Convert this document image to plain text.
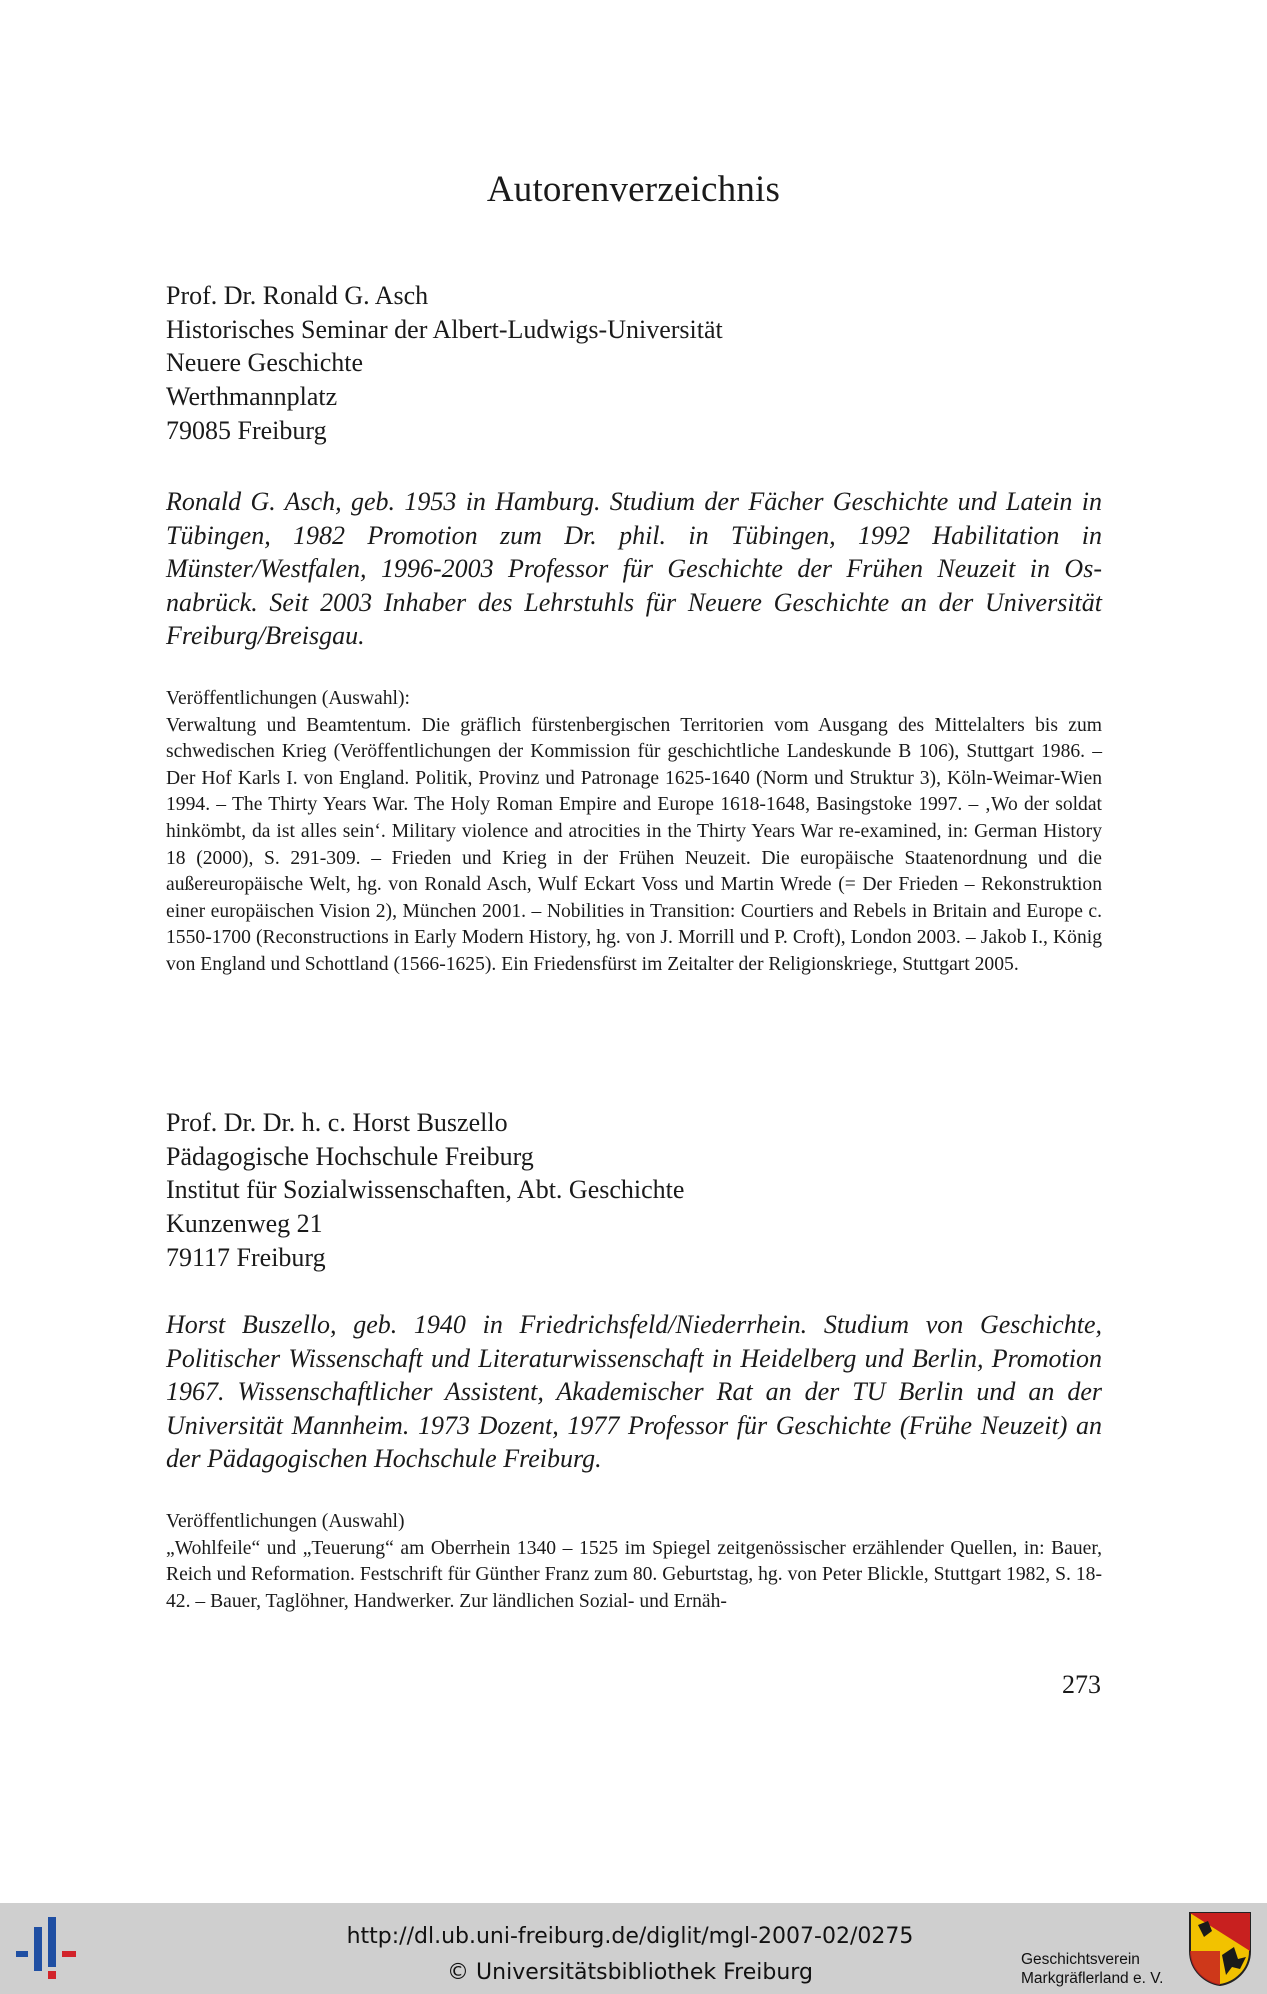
Autorenverzeichnis
Prof. Dr. Ronald G. Asch
Historisches Seminar der Albert-Ludwigs-Universität
Neuere Geschichte
Werthmannplatz
79085 Freiburg
Ronald G. Asch, geb. 1953 in Hamburg. Studium der Fächer Geschichte und Latein in Tübingen, 1982 Promotion zum Dr. phil. in Tübingen, 1992 Habilitation in Münster/Westfalen, 1996-2003 Professor für Geschichte der Frühen Neuzeit in Osnabrück. Seit 2003 Inhaber des Lehrstuhls für Neuere Geschichte an der Universität Freiburg/Breisgau.
Veröffentlichungen (Auswahl):
Verwaltung und Beamtentum. Die gräflich fürstenbergischen Territorien vom Ausgang des Mittelalters bis zum schwedischen Krieg (Veröffentlichungen der Kommission für geschichtliche Landeskunde B 106), Stuttgart 1986. – Der Hof Karls I. von England. Politik, Provinz und Patronage 1625-1640 (Norm und Struktur 3), Köln-Weimar-Wien 1994. – The Thirty Years War. The Holy Roman Empire and Europe 1618-1648, Basingstoke 1997. – ‚Wo der soldat hinkömbt, da ist alles sein‘. Military violence and atrocities in the Thirty Years War re-examined, in: German History 18 (2000), S. 291-309. – Frieden und Krieg in der Frühen Neuzeit. Die europäische Staatenordnung und die außereuropäische Welt, hg. von Ronald Asch, Wulf Eckart Voss und Martin Wrede (= Der Frieden – Rekonstruktion einer europäischen Vision 2), München 2001. – Nobilities in Transition: Courtiers and Rebels in Britain and Europe c. 1550-1700 (Reconstructions in Early Modern History, hg. von J. Morrill und P. Croft), London 2003. – Jakob I., König von England und Schottland (1566-1625). Ein Friedensfürst im Zeitalter der Religionskriege, Stuttgart 2005.
Prof. Dr. Dr. h. c. Horst Buszello
Pädagogische Hochschule Freiburg
Institut für Sozialwissenschaften, Abt. Geschichte
Kunzenweg 21
79117 Freiburg
Horst Buszello, geb. 1940 in Friedrichsfeld/Niederrhein. Studium von Geschichte, Politischer Wissenschaft und Literaturwissenschaft in Heidelberg und Berlin, Promotion 1967. Wissenschaftlicher Assistent, Akademischer Rat an der TU Berlin und an der Universität Mannheim. 1973 Dozent, 1977 Professor für Geschichte (Frühe Neuzeit) an der Pädagogischen Hochschule Freiburg.
Veröffentlichungen (Auswahl)
„Wohlfeile“ und „Teuerung“ am Oberrhein 1340 – 1525 im Spiegel zeitgenössischer erzählender Quellen, in: Bauer, Reich und Reformation. Festschrift für Günther Franz zum 80. Geburtstag, hg. von Peter Blickle, Stuttgart 1982, S. 18-42. – Bauer, Taglöhner, Handwerker. Zur ländlichen Sozial- und Ernäh-
273
http://dl.ub.uni-freiburg.de/diglit/mgl-2007-02/0275
© Universitätsbibliothek Freiburg
Geschichtsverein
Markgräflerland e. V.
